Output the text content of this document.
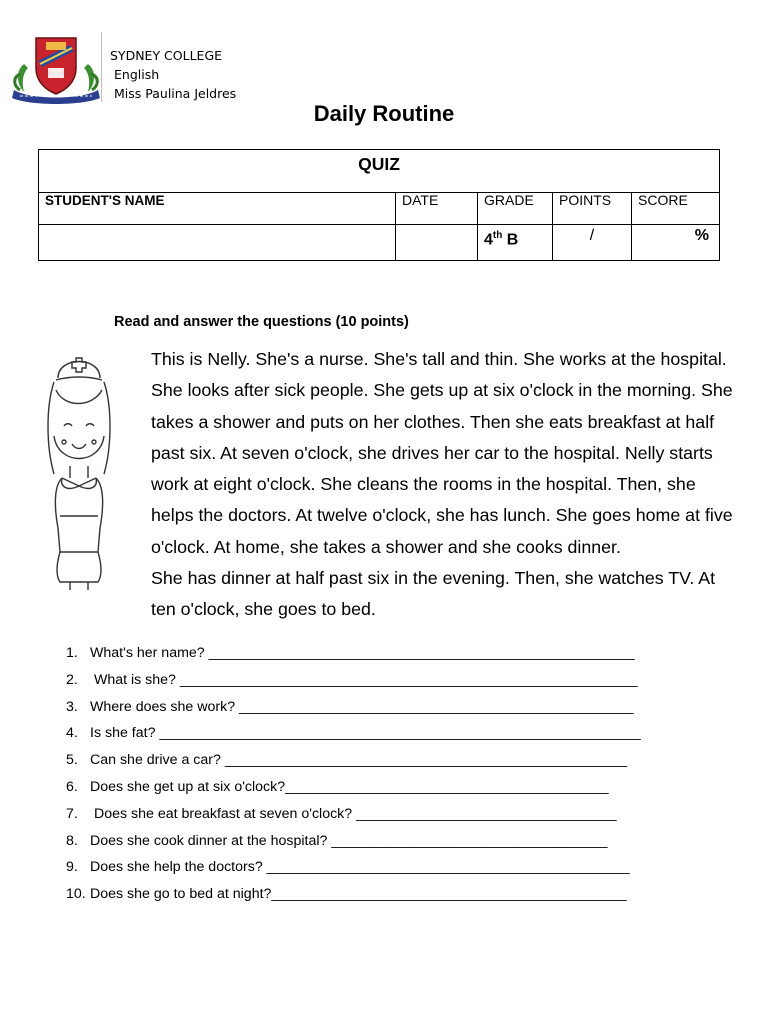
SYDNEY COLLEGE
English
Miss Paulina Jeldres
Daily Routine
QUIZ				
STUDENT'S NAME	DATE	GRADE	POINTS	SCORE
		4th B	/	%
Read and answer the questions (10 points)
This is Nelly. She's a nurse. She's tall and thin. She works at the hospital.
She looks after sick people. She gets up at six o'clock in the morning. She
takes a shower and puts on her clothes. Then she eats breakfast at half
past six. At seven o'clock, she drives her car to the hospital. Nelly starts
work at eight o'clock. She cleans the rooms in the hospital. Then, she
helps the doctors. At twelve o'clock, she has lunch. She goes home at five
o'clock. At home, she takes a shower and she cooks dinner.
She has dinner at half past six in the evening. Then, she watches TV. At
ten o'clock, she goes to bed.
1. What's her name? ______________________________________________________
2. What is she? __________________________________________________________
3. Where does she work? __________________________________________________
4. Is she fat? _____________________________________________________________
5. Can she drive a car? ___________________________________________________
6. Does she get up at six o'clock?_________________________________________
7. Does she eat breakfast at seven o'clock? _________________________________
8. Does she cook dinner at the hospital? ___________________________________
9. Does she help the doctors? ______________________________________________
10. Does she go to bed at night?_____________________________________________
